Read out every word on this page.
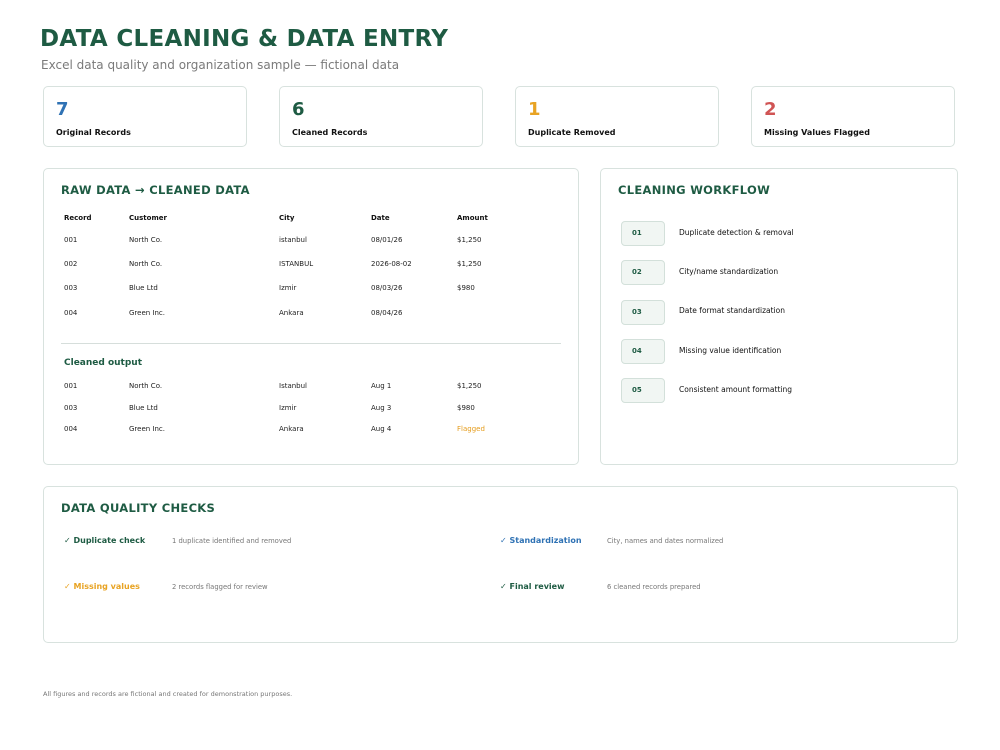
DATA CLEANING & DATA ENTRY
Excel data quality and organization sample — fictional data
7
Original Records
6
Cleaned Records
1
Duplicate Removed
2
Missing Values Flagged
RAW DATA → CLEANED DATA
Record	Customer	City	Date	Amount
001	North Co.	istanbul	08/01/26	$1,250
002	North Co.	ISTANBUL	2026-08-02	$1,250
003	Blue Ltd	Izmir	08/03/26	$980
004	Green Inc.	Ankara	08/04/26
Cleaned output
001	North Co.	Istanbul	Aug 1	$1,250
003	Blue Ltd	Izmir	Aug 3	$980
004	Green Inc.	Ankara	Aug 4	Flagged
CLEANING WORKFLOW
01	Duplicate detection & removal
02	City/name standardization
03	Date format standardization
04	Missing value identification
05	Consistent amount formatting
DATA QUALITY CHECKS
✓ Duplicate check	1 duplicate identified and removed	✓ Standardization	City, names and dates normalized
✓ Missing values	2 records flagged for review	✓ Final review	6 cleaned records prepared
All figures and records are fictional and created for demonstration purposes.
